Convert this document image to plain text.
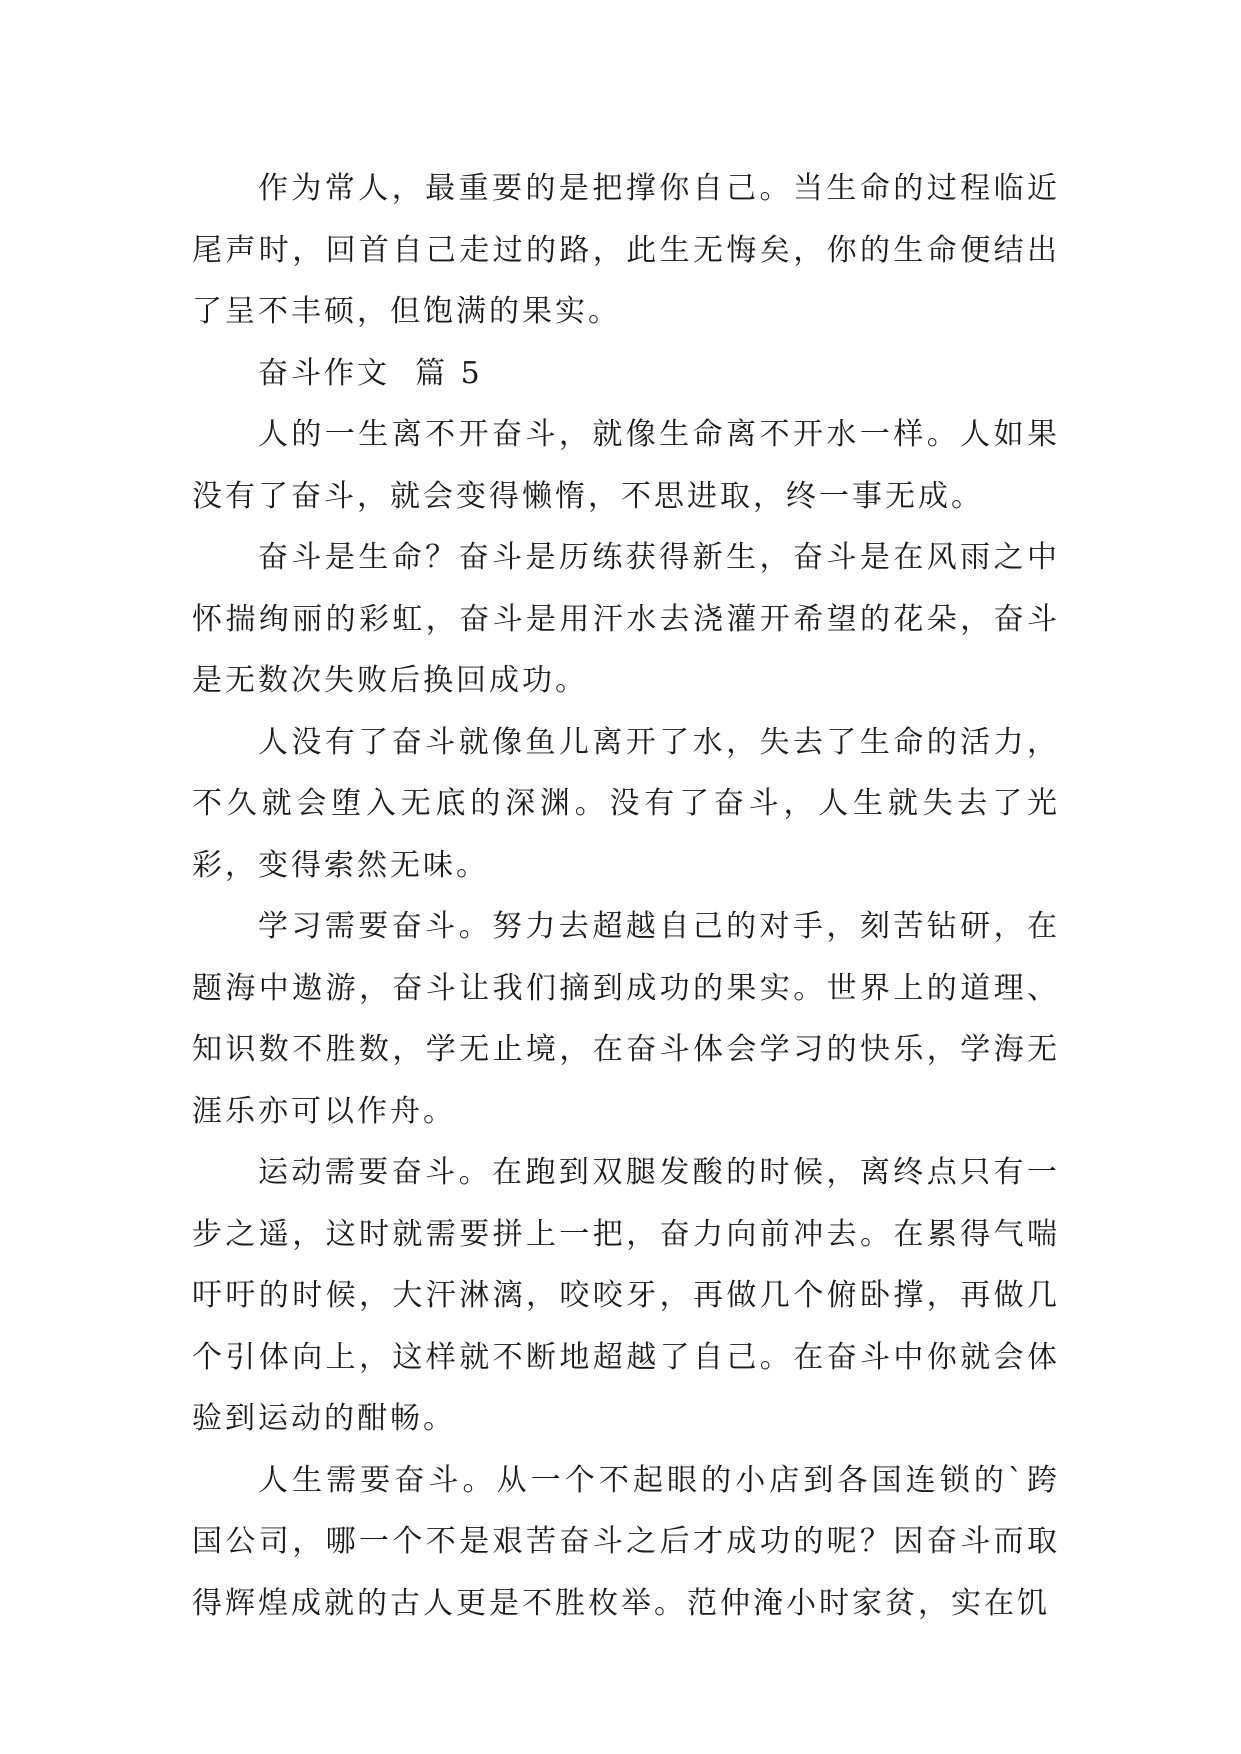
作为常人，最重要的是把撑你自己。当生命的过程临近尾声时，回首自己走过的路，此生无悔矣，你的生命便结出了呈不丰硕，但饱满的果实。

奋斗作文  篇 5

人的一生离不开奋斗，就像生命离不开水一样。人如果没有了奋斗，就会变得懒惰，不思进取，终一事无成。

奋斗是生命？奋斗是历练获得新生，奋斗是在风雨之中怀揣绚丽的彩虹，奋斗是用汗水去浇灌开希望的花朵，奋斗是无数次失败后换回成功。

人没有了奋斗就像鱼儿离开了水，失去了生命的活力，不久就会堕入无底的深渊。没有了奋斗，人生就失去了光彩，变得索然无味。

学习需要奋斗。努力去超越自己的对手，刻苦钻研，在题海中遨游，奋斗让我们摘到成功的果实。世界上的道理、知识数不胜数，学无止境，在奋斗体会学习的快乐，学海无涯乐亦可以作舟。

运动需要奋斗。在跑到双腿发酸的时候，离终点只有一步之遥，这时就需要拼上一把，奋力向前冲去。在累得气喘吁吁的时候，大汗淋漓，咬咬牙，再做几个俯卧撑，再做几个引体向上，这样就不断地超越了自己。在奋斗中你就会体验到运动的酣畅。

人生需要奋斗。从一个不起眼的小店到各国连锁的`跨国公司，哪一个不是艰苦奋斗之后才成功的呢？因奋斗而取得辉煌成就的古人更是不胜枚举。范仲淹小时家贫，实在饥
